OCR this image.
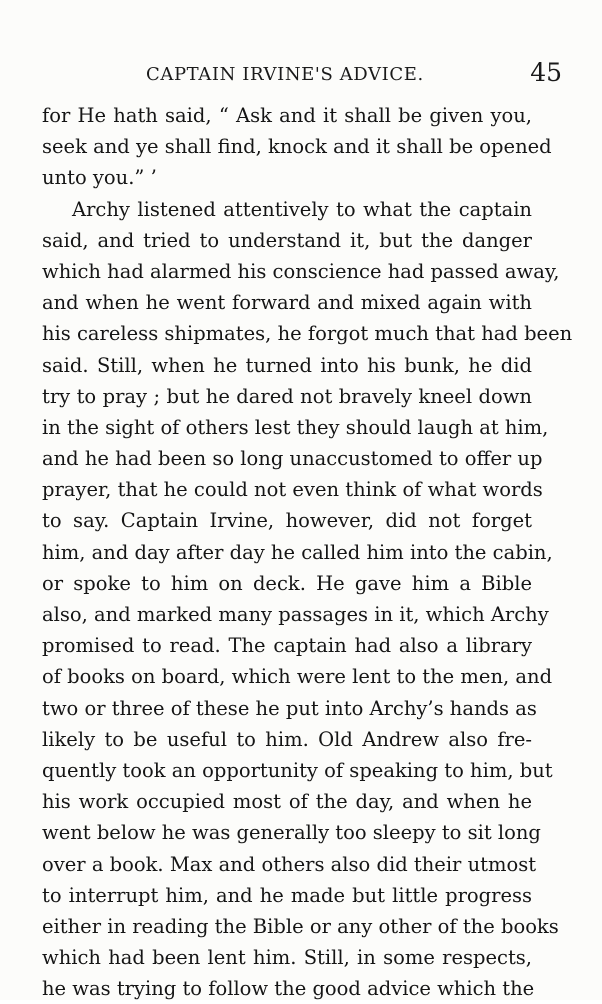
CAPTAIN IRVINE'S ADVICE.	45
for He hath said, “ Ask and it shall be given you,
seek and ye shall find, knock and it shall be opened
unto you.” ’
Archy listened attentively to what the captain
said, and tried to understand it, but the danger
which had alarmed his conscience had passed away,
and when he went forward and mixed again with
his careless shipmates, he forgot much that had been
said. Still, when he turned into his bunk, he did
try to pray ; but he dared not bravely kneel down
in the sight of others lest they should laugh at him,
and he had been so long unaccustomed to offer up
prayer, that he could not even think of what words
to say. Captain Irvine, however, did not forget
him, and day after day he called him into the cabin,
or spoke to him on deck. He gave him a Bible
also, and marked many passages in it, which Archy
promised to read. The captain had also a library
of books on board, which were lent to the men, and
two or three of these he put into Archy’s hands as
likely to be useful to him. Old Andrew also fre-
quently took an opportunity of speaking to him, but
his work occupied most of the day, and when he
went below he was generally too sleepy to sit long
over a book. Max and others also did their utmost
to interrupt him, and he made but little progress
either in reading the Bible or any other of the books
which had been lent him. Still, in some respects,
he was trying to follow the good advice which the
